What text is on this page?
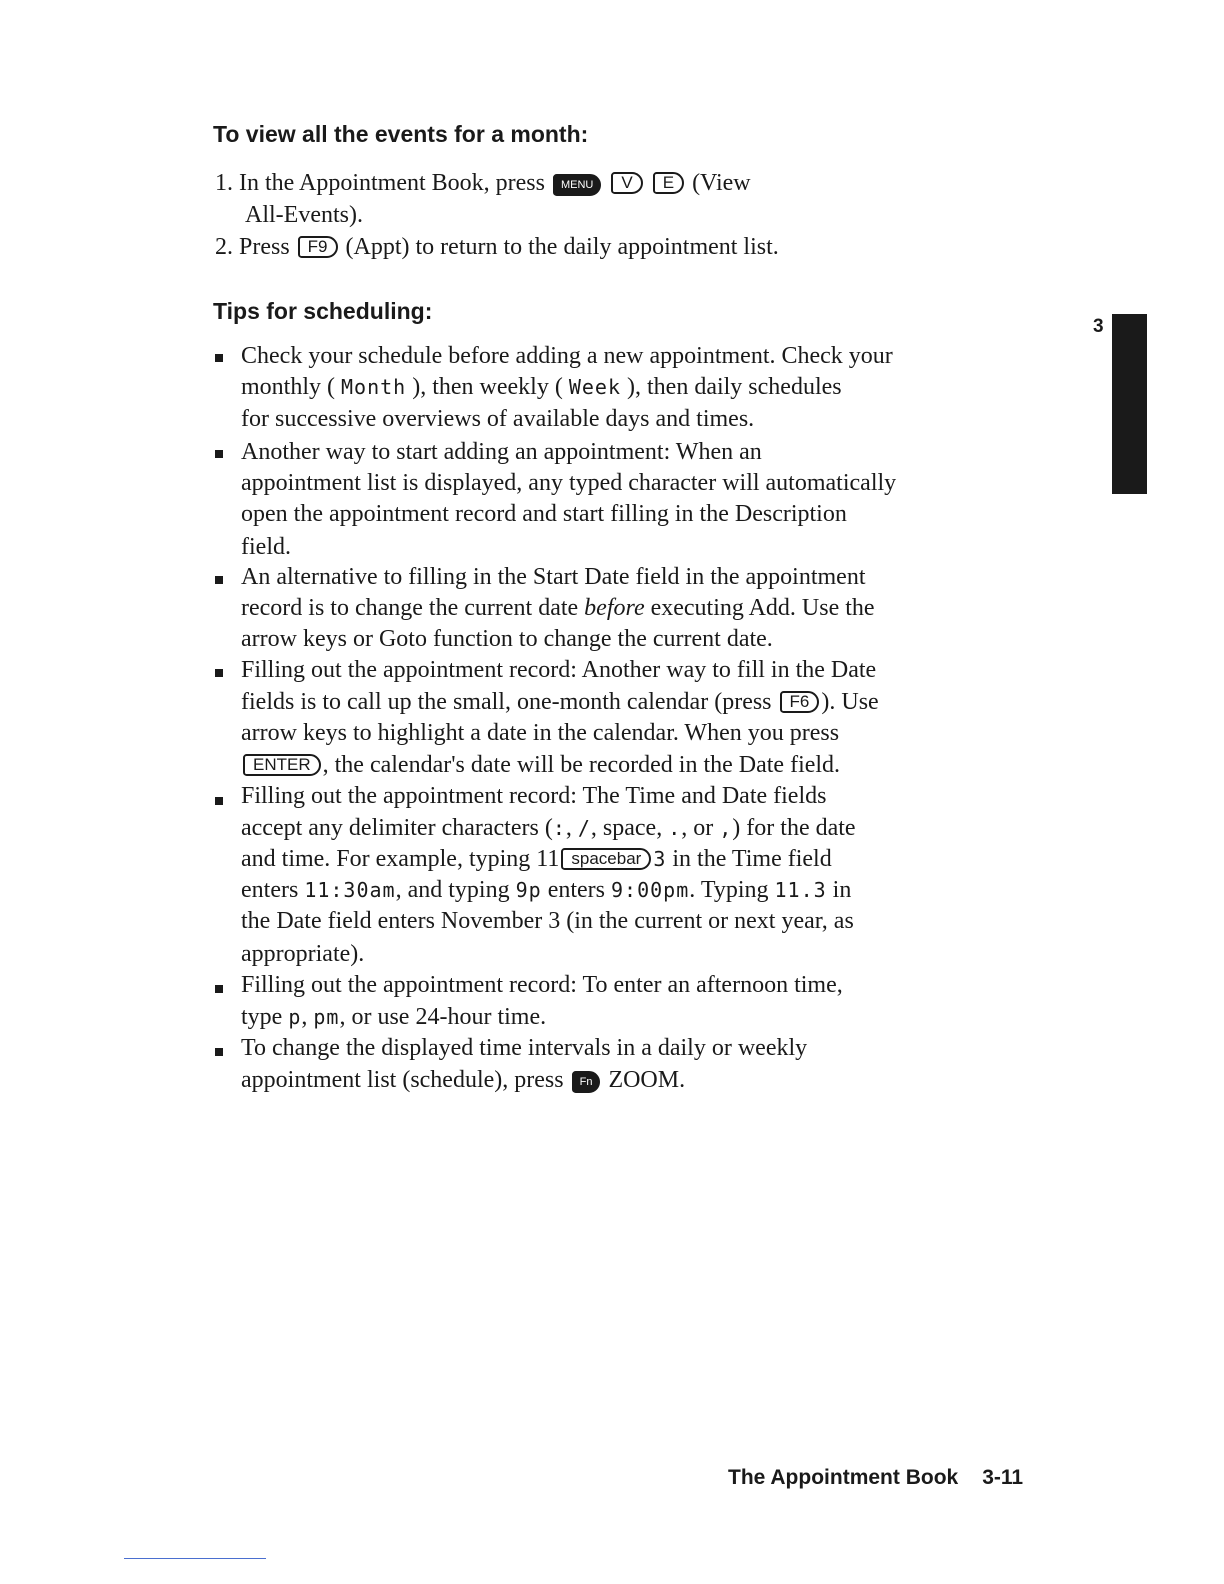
To view all the events for a month:
1. In the Appointment Book, press MENU V E (View
All-Events).
2. Press F9 (Appt) to return to the daily appointment list.
Tips for scheduling:
Check your schedule before adding a new appointment. Check your
monthly ( Month ), then weekly ( Week ), then daily schedules
for successive overviews of available days and times.
Another way to start adding an appointment: When an
appointment list is displayed, any typed character will automatically
open the appointment record and start filling in the Description
field.
An alternative to filling in the Start Date field in the appointment
record is to change the current date before executing Add. Use the
arrow keys or Goto function to change the current date.
Filling out the appointment record: Another way to fill in the Date
fields is to call up the small, one-month calendar (press F6 ). Use
arrow keys to highlight a date in the calendar. When you press
ENTER , the calendar's date will be recorded in the Date field.
Filling out the appointment record: The Time and Date fields
accept any delimiter characters (:, /, space, ., or ,) for the date
and time. For example, typing 11 spacebar 3 in the Time field
enters 11:30am, and typing 9p enters 9:00pm. Typing 11.3 in
the Date field enters November 3 (in the current or next year, as
appropriate).
Filling out the appointment record: To enter an afternoon time,
type p, pm, or use 24-hour time.
To change the displayed time intervals in a daily or weekly
appointment list (schedule), press Fn ZOOM.
3
The Appointment Book 3-11
